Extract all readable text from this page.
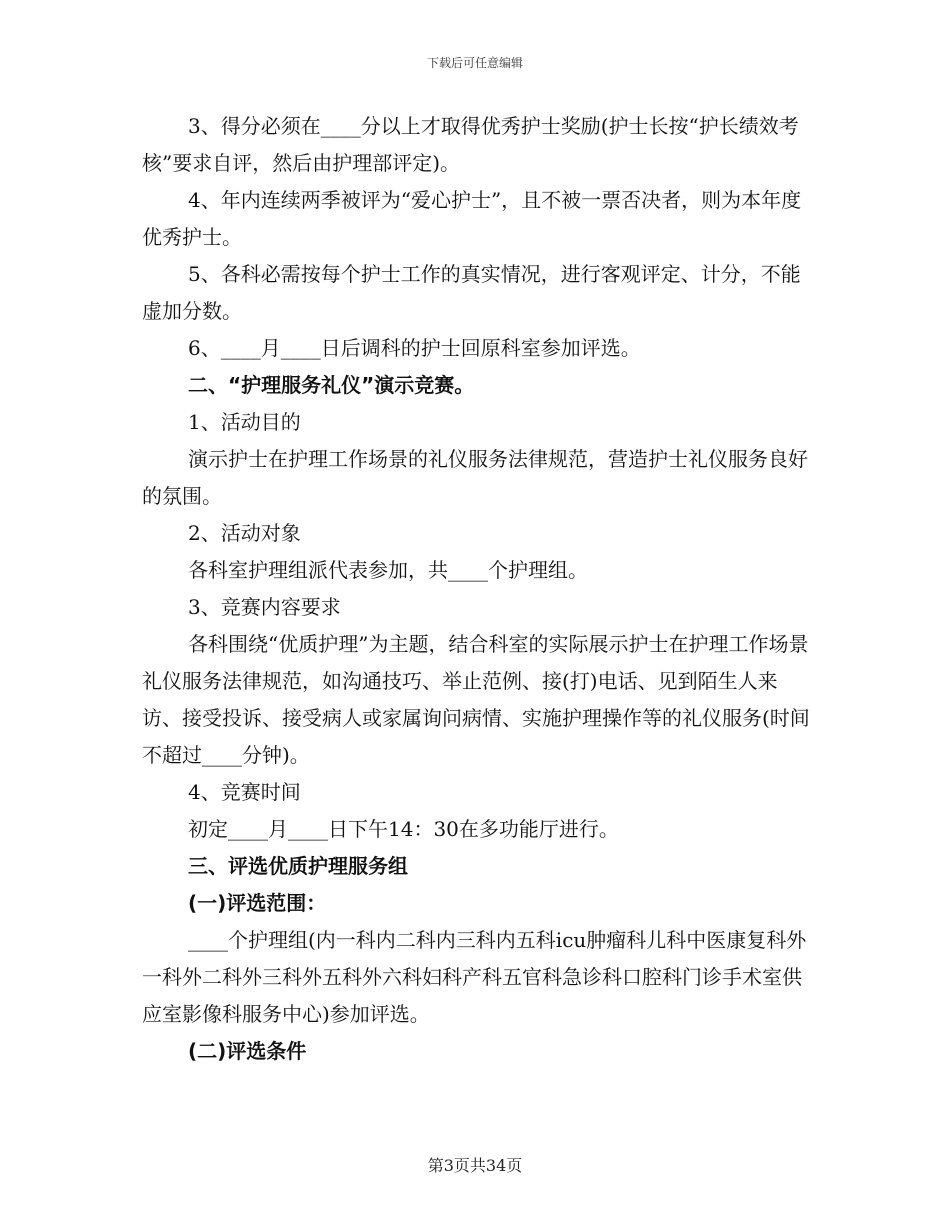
下载后可任意编辑

3、得分必须在____分以上才取得优秀护士奖励(护士长按“护长绩效考核”要求自评，然后由护理部评定)。

4、年内连续两季被评为“爱心护士”，且不被一票否决者，则为本年度优秀护士。

5、各科必需按每个护士工作的真实情况，进行客观评定、计分，不能虚加分数。

6、____月____日后调科的护士回原科室参加评选。

二、“护理服务礼仪”演示竞赛。

1、活动目的

演示护士在护理工作场景的礼仪服务法律规范，营造护士礼仪服务良好的氛围。

2、活动对象

各科室护理组派代表参加，共____个护理组。

3、竞赛内容要求

各科围绕“优质护理”为主题，结合科室的实际展示护士在护理工作场景礼仪服务法律规范，如沟通技巧、举止范例、接(打)电话、见到陌生人来访、接受投诉、接受病人或家属询问病情、实施护理操作等的礼仪服务(时间不超过____分钟)。

4、竞赛时间

初定____月____日下午14：30在多功能厅进行。

三、评选优质护理服务组

(一)评选范围：

____个护理组(内一科内二科内三科内五科icu肿瘤科儿科中医康复科外一科外二科外三科外五科外六科妇科产科五官科急诊科口腔科门诊手术室供应室影像科服务中心)参加评选。

(二)评选条件

第3页共34页
